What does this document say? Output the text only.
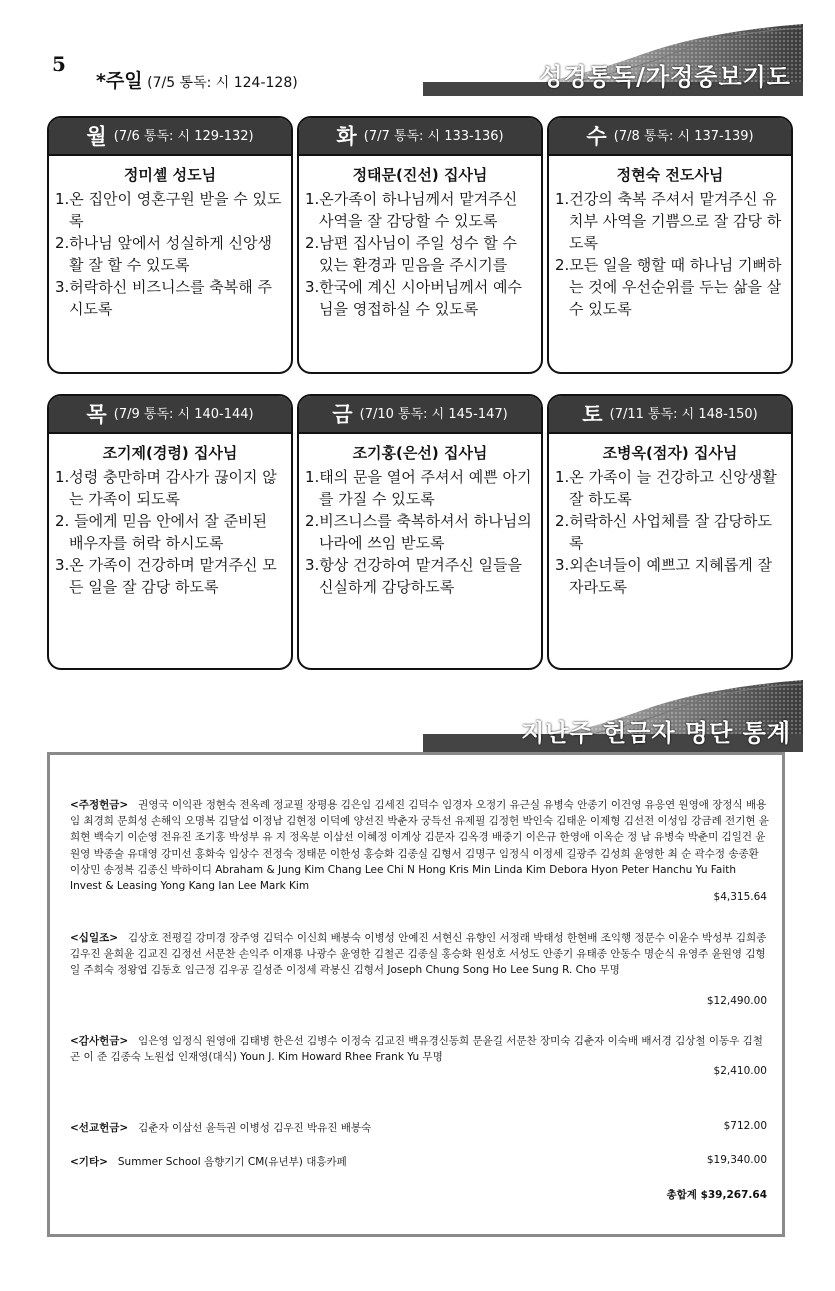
5
*주일 (7/5 통독: 시 124-128)	성경통독/가정중보기도
월 (7/6 통독: 시 129-132)
정미셸 성도님
1.온 집안이 영혼구원 받을 수 있도록
2.하나님 앞에서 성실하게 신앙생활 잘 할 수 있도록
3.허락하신 비즈니스를 축복해 주시도록
화 (7/7 통독: 시 133-136)
정태문(진선) 집사님
1.온가족이 하나님께서 맡겨주신 사역을 잘 감당할 수 있도록
2.남편 집사님이 주일 성수 할 수 있는 환경과 믿음을 주시기를
3.한국에 계신 시아버님께서 예수님을 영접하실 수 있도록
수 (7/8 통독: 시 137-139)
정현숙 전도사님
1.건강의 축복 주셔서 맡겨주신 유치부 사역을 기쁨으로 잘 감당 하도록
2.모든 일을 행할 때 하나님 기뻐하는 것에 우선순위를 두는 삶을 살 수 있도록
목 (7/9 통독: 시 140-144)
조기제(경령) 집사님
1.성령 충만하며 감사가 끊이지 않는 가족이 되도록
2. 들에게 믿음 안에서 잘 준비된 배우자를 허락 하시도록
3.온 가족이 건강하며 맡겨주신 모든 일을 잘 감당 하도록
금 (7/10 통독: 시 145-147)
조기홍(은선) 집사님
1.태의 문을 열어 주셔서 예쁜 아기를 가질 수 있도록
2.비즈니스를 축복하셔서 하나님의 나라에 쓰임 받도록
3.항상 건강하여 맡겨주신 일들을 신실하게 감당하도록
토 (7/11 통독: 시 148-150)
조병옥(점자) 집사님
1.온 가족이 늘 건강하고 신앙생활 잘 하도록
2.허락하신 사업체를 잘 감당하도록
3.외손녀들이 예쁘고 지혜롭게 잘 자라도록
지난주 헌금자 명단 통계
<주정헌금> 권영국 이익관 정현숙 전옥례 정교필 장평용 김은임 김세진 김덕수 임경자 오정기 유근실 유병숙 안종기 이건영 유응연 원영애 장정식 배용임 최경희 문희성 손해익 오명복 김달섭 이정남 김현정 이덕예 양선진 박춘자 궁득선 유제필 김정헌 박인숙 김태운 이제형 김선전 이성임 강금례 전기현 윤희현 백숙기 이순영 전유진 조기홍 박성부 유 지 정옥분 이삼선 이혜정 이계상 김문자 김옥경 배중기 이은규 한영애 이옥순 정 남 유병숙 박춘미 김일건 윤원영 박종술 유대영 강미선 홍화숙 임상수 전정숙 정태문 이한성 홍승화 김종실 김형서 김명구 임정식 이정세 길광주 김성희 윤영한 최 순 곽수정 송종환 이상민 송정복 김종신 박하이디 Abraham & Jung Kim Chang Lee Chi N Hong Kris Min Linda Kim Debora Hyon Peter Hanchu Yu Faith Invest & Leasing Yong Kang Ian Lee Mark Kim
$4,315.64
<십일조> 김상호 전평길 강미경 장주영 김덕수 이신희 배봉숙 이병성 안예진 서현신 유향인 서정래 박태성 한현배 조익행 정문수 이윤수 박성부 김희종 김우진 윤희윤 김교진 김정선 서문찬 손익주 이재룡 나광수 윤영한 김철곤 김종실 홍승화 원성호 서성도 안종기 유태종 안동수 명순식 유영주 윤원영 김형일 주희숙 정왕엽 김동호 임근정 김우공 길성준 이정세 곽봉신 김형서 Joseph Chung Song Ho Lee Sung R. Cho 무명
$12,490.00
<감사헌금> 임은영 임정식 원영애 김태병 한은선 김병수 이정숙 김교진 백유경신동희 문윤길 서문찬 장미숙 김춘자 이숙배 배서경 김상철 이동우 김철곤 이 준 김종숙 노원섭 인재영(대식) Youn J. Kim Howard Rhee Frank Yu 무명
$2,410.00
<선교헌금> 김춘자 이삼선 윤득권 이병성 김우진 박유진 배봉숙	$712.00
<기타> Summer School 음향기기 CM(유년부) 대흥카페	$19,340.00
총합계 $39,267.64
